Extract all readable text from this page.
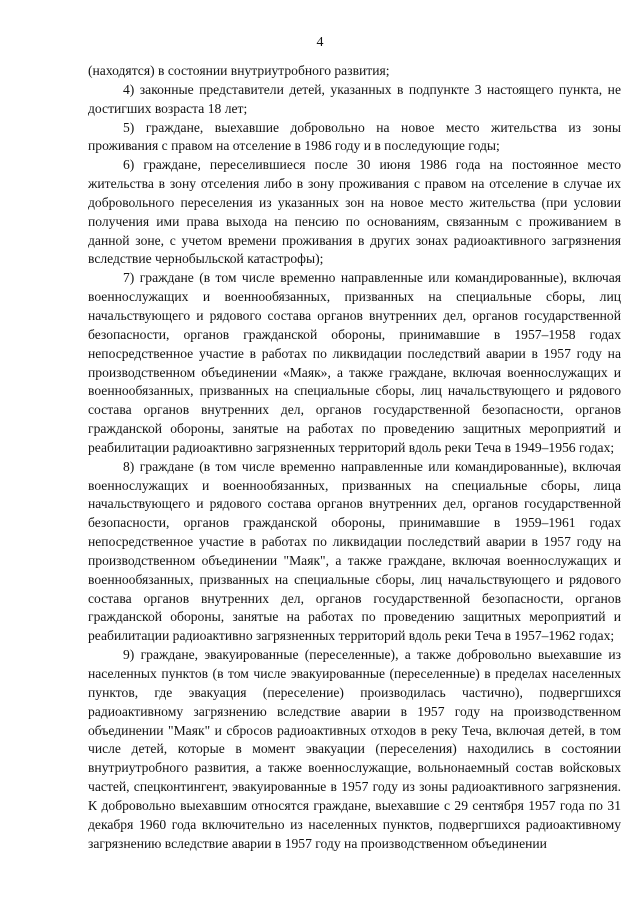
4

(находятся) в состоянии внутриутробного развития;

4) законные представители детей, указанных в подпункте 3 настоящего пункта, не достигших возраста 18 лет;

5) граждане, выехавшие добровольно на новое место жительства из зоны проживания с правом на отселение в 1986 году и в последующие годы;

6) граждане, переселившиеся после 30 июня 1986 года на постоянное место жительства в зону отселения либо в зону проживания с правом на отселение в случае их добровольного переселения из указанных зон на новое место жительства (при условии получения ими права выхода на пенсию по основаниям, связанным с проживанием в данной зоне, с учетом времени проживания в других зонах радиоактивного загрязнения вследствие чернобыльской катастрофы);

7) граждане (в том числе временно направленные или командированные), включая военнослужащих и военнообязанных, призванных на специальные сборы, лиц начальствующего и рядового состава органов внутренних дел, органов государственной безопасности, органов гражданской обороны, принимавшие в 1957–1958 годах непосредственное участие в работах по ликвидации последствий аварии в 1957 году на производственном объединении «Маяк», а также граждане, включая военнослужащих и военнообязанных, призванных на специальные сборы, лиц начальствующего и рядового состава органов внутренних дел, органов государственной безопасности, органов гражданской обороны, занятые на работах по проведению защитных мероприятий и реабилитации радиоактивно загрязненных территорий вдоль реки Теча в 1949–1956 годах;

8) граждане (в том числе временно направленные или командированные), включая военнослужащих и военнообязанных, призванных на специальные сборы, лица начальствующего и рядового состава органов внутренних дел, органов государственной безопасности, органов гражданской обороны, принимавшие в 1959–1961 годах непосредственное участие в работах по ликвидации последствий аварии в 1957 году на производственном объединении "Маяк", а также граждане, включая военнослужащих и военнообязанных, призванных на специальные сборы, лиц начальствующего и рядового состава органов внутренних дел, органов государственной безопасности, органов гражданской обороны, занятые на работах по проведению защитных мероприятий и реабилитации радиоактивно загрязненных территорий вдоль реки Теча в 1957–1962 годах;

9) граждане, эвакуированные (переселенные), а также добровольно выехавшие из населенных пунктов (в том числе эвакуированные (переселенные) в пределах населенных пунктов, где эвакуация (переселение) производилась частично), подвергшихся радиоактивному загрязнению вследствие аварии в 1957 году на производственном объединении "Маяк" и сбросов радиоактивных отходов в реку Теча, включая детей, в том числе детей, которые в момент эвакуации (переселения) находились в состоянии внутриутробного развития, а также военнослужащие, вольнонаемный состав войсковых частей, спецконтингент, эвакуированные в 1957 году из зоны радиоактивного загрязнения. К добровольно выехавшим относятся граждане, выехавшие с 29 сентября 1957 года по 31 декабря 1960 года включительно из населенных пунктов, подвергшихся радиоактивному загрязнению вследствие аварии в 1957 году на производственном объединении
